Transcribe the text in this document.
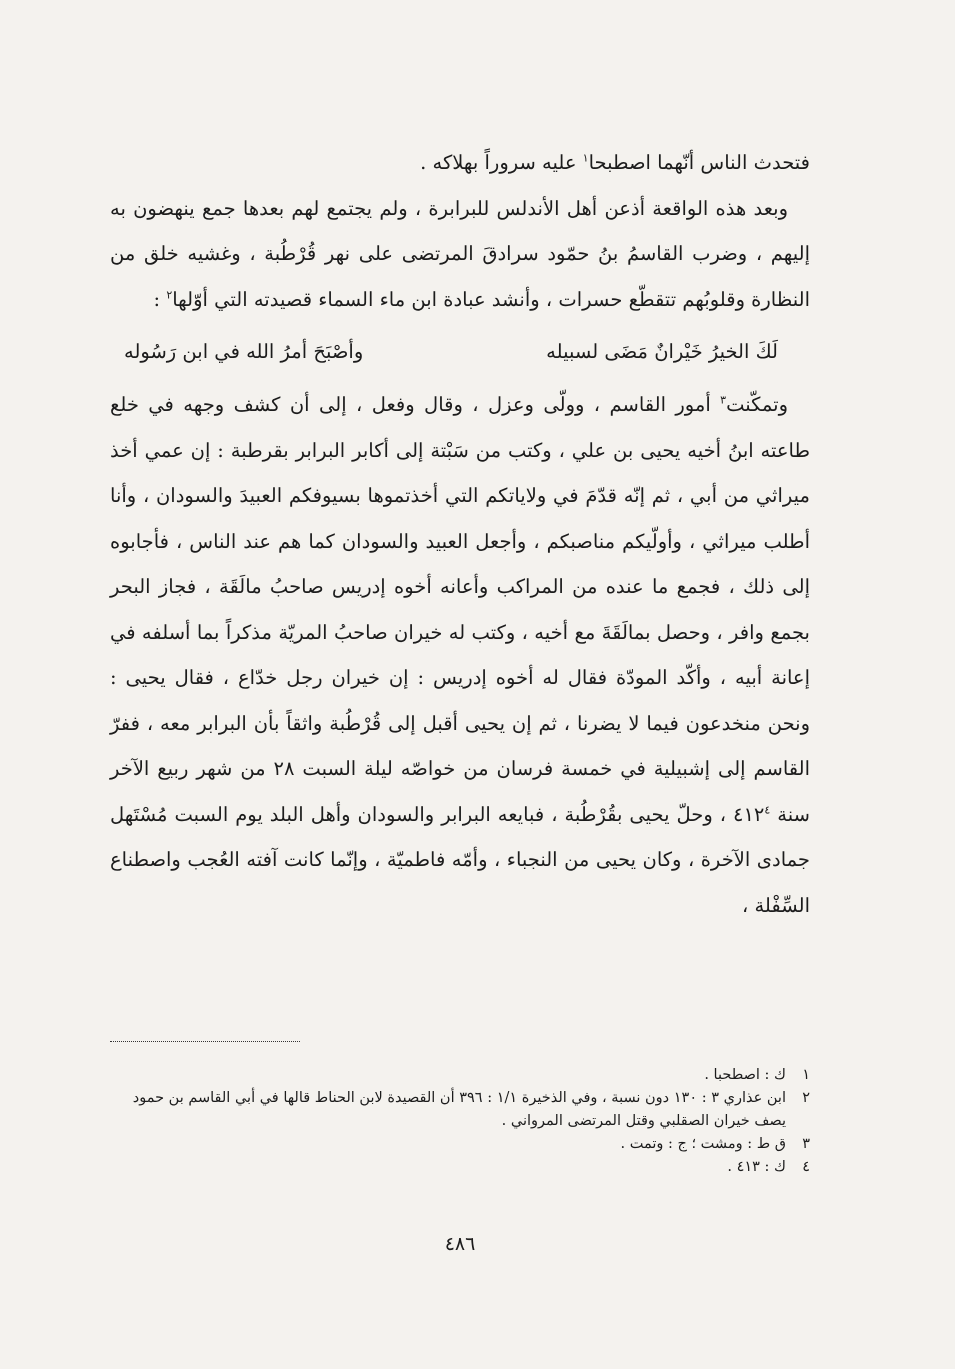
فتحدث الناس أنّهما اصطبحا$^١$ عليه سروراً بهلاكه .

وبعد هذه الواقعة أذعن أهل الأندلس للبرابرة ، ولم يجتمع لهم بعدها جمع ينهضون به إليهم ، وضرب القاسمُ بنُ حمّود سرادقَ المرتضى على نهر قُرْطُبة ، وغشيه خلق من النظارة وقلوبُهم تتقطّع حسرات ، وأنشد عبادة ابن ماء السماء قصيدته التي أوّلها$^٢$ :

لَكَ الخيرُ خَيْرانٌ مَضَى لسبيله
وأصْبَحَ أمرُ الله في ابن رَسُوله

وتمكّنت$^٣$ أمور القاسم ، وولّى وعزل ، وقال وفعل ، إلى أن كشف وجهه في خلع طاعته ابنُ أخيه يحيى بن علي ، وكتب من سَبْتة إلى أكابر البرابر بقرطبة : إن عمي أخذ ميراثي من أبي ، ثم إنّه قدّمَ في ولاياتكم التي أخذتموها بسيوفكم العبيدَ والسودان ، وأنا أطلب ميراثي ، وأولّيكم مناصبكم ، وأجعل العبيد والسودان كما هم عند الناس ، فأجابوه إلى ذلك ، فجمع ما عنده من المراكب وأعانه أخوه إدريس صاحبُ مالَقَة ، فجاز البحر بجمع وافر ، وحصل بمالَقَةَ مع أخيه ، وكتب له خيران صاحبُ المريّة مذكراً بما أسلفه في إعانة أبيه ، وأكّد المودّة فقال له أخوه إدريس : إن خيران رجل خدّاع ، فقال يحيى : ونحن منخدعون فيما لا يضرنا ، ثم إن يحيى أقبل إلى قُرْطُبة واثقاً بأن البرابر معه ، ففرّ القاسم إلى إشبيلية في خمسة فرسان من خواصّه ليلة السبت ٢٨ من شهر ربيع الآخر سنة $٤١٢^٤$ ، وحلّ يحيى بقُرْطُبة ، فبايعه البرابر والسودان وأهل البلد يوم السبت مُسْتَهل جمادى الآخرة ، وكان يحيى من النجباء ، وأمّه فاطميّة ، وإنّما كانت آفته العُجب واصطناع السِّفْلة ،

١
ك : اصطحبا .
٢
ابن عذاري ٣ : ١٣٠ دون نسبة ، وفي الذخيرة ١/١ : ٣٩٦ أن القصيدة لابن الحناط قالها في أبي القاسم بن حمود يصف خيران الصقلبي وقتل المرتضى المرواني .
٣
ق ط : ومشت ؛ ج : وتمت .
٤
ك : ٤١٣ .
٤٨٦
